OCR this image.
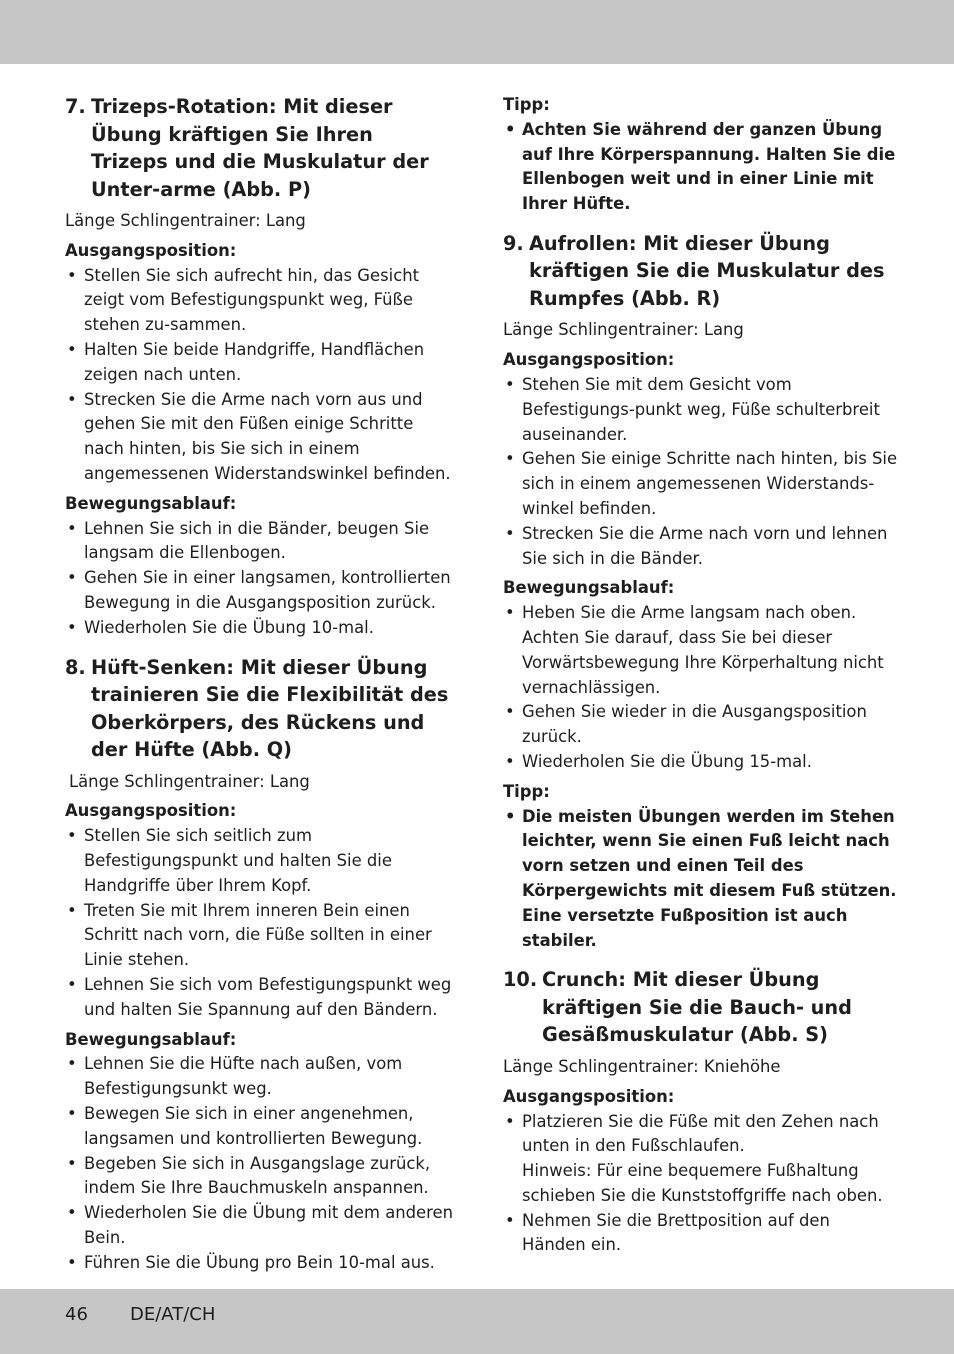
7. Trizeps-Rotation: Mit dieser Übung kräftigen Sie Ihren Trizeps und die Muskulatur der Unter-arme (Abb. P)

Länge Schlingentrainer: Lang

Ausgangsposition:

• Stellen Sie sich aufrecht hin, das Gesicht zeigt vom Befestigungspunkt weg, Füße stehen zu-sammen.
• Halten Sie beide Handgriffe, Handflächen zeigen nach unten.
• Strecken Sie die Arme nach vorn aus und gehen Sie mit den Füßen einige Schritte nach hinten, bis Sie sich in einem angemessenen Widerstandswinkel befinden.

Bewegungsablauf:

• Lehnen Sie sich in die Bänder, beugen Sie langsam die Ellenbogen.
• Gehen Sie in einer langsamen, kontrollierten Bewegung in die Ausgangsposition zurück.
• Wiederholen Sie die Übung 10-mal.
8. Hüft-Senken: Mit dieser Übung trainieren Sie die Flexibilität des Oberkörpers, des Rückens und der Hüfte (Abb. Q)

Länge Schlingentrainer: Lang

Ausgangsposition:

• Stellen Sie sich seitlich zum Befestigungspunkt und halten Sie die Handgriffe über Ihrem Kopf.
• Treten Sie mit Ihrem inneren Bein einen Schritt nach vorn, die Füße sollten in einer Linie stehen.
• Lehnen Sie sich vom Befestigungspunkt weg und halten Sie Spannung auf den Bändern.

Bewegungsablauf:

• Lehnen Sie die Hüfte nach außen, vom Befestigungsunkt weg.
• Bewegen Sie sich in einer angenehmen, langsamen und kontrollierten Bewegung.
• Begeben Sie sich in Ausgangslage zurück, indem Sie Ihre Bauchmuskeln anspannen.
• Wiederholen Sie die Übung mit dem anderen Bein.
• Führen Sie die Übung pro Bein 10-mal aus.

Tipp:

• Achten Sie während der ganzen Übung auf Ihre Körperspannung. Halten Sie die Ellenbogen weit und in einer Linie mit Ihrer Hüfte.
9. Aufrollen: Mit dieser Übung kräftigen Sie die Muskulatur des Rumpfes (Abb. R)

Länge Schlingentrainer: Lang

Ausgangsposition:

• Stehen Sie mit dem Gesicht vom Befestigungs-punkt weg, Füße schulterbreit auseinander.
• Gehen Sie einige Schritte nach hinten, bis Sie sich in einem angemessenen Widerstands-winkel befinden.
• Strecken Sie die Arme nach vorn und lehnen Sie sich in die Bänder.

Bewegungsablauf:

• Heben Sie die Arme langsam nach oben. Achten Sie darauf, dass Sie bei dieser Vorwärtsbewegung Ihre Körperhaltung nicht vernachlässigen.
• Gehen Sie wieder in die Ausgangsposition zurück.
• Wiederholen Sie die Übung 15-mal.

Tipp:

• Die meisten Übungen werden im Stehen leichter, wenn Sie einen Fuß leicht nach vorn setzen und einen Teil des Körpergewichts mit diesem Fuß stützen. Eine versetzte Fußposition ist auch stabiler.
10. Crunch: Mit dieser Übung kräftigen Sie die Bauch- und Gesäßmuskulatur (Abb. S)

Länge Schlingentrainer: Kniehöhe

Ausgangsposition:

• Platzieren Sie die Füße mit den Zehen nach unten in den Fußschlaufen.
Hinweis: Für eine bequemere Fußhaltung schieben Sie die Kunststoffgriffe nach oben.
• Nehmen Sie die Brettposition auf den Händen ein.
46 DE/AT/CH
